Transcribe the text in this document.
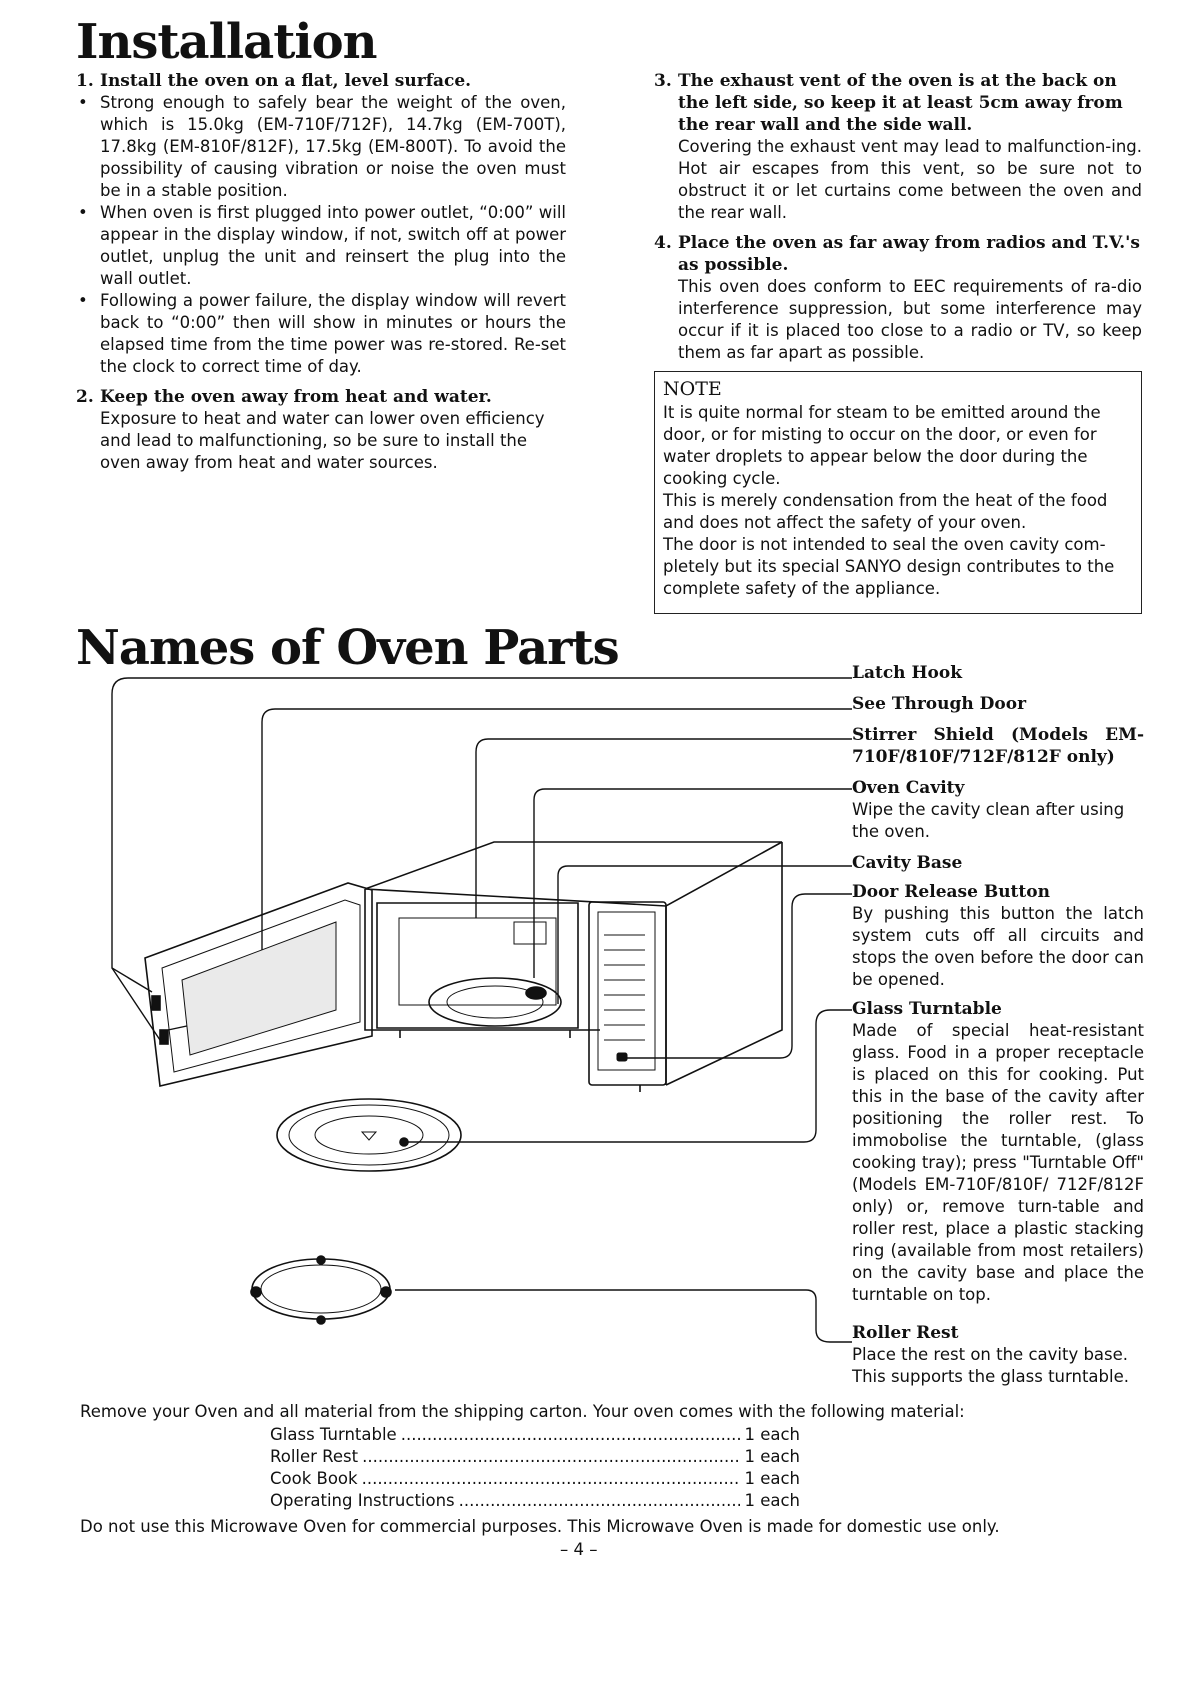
Installation
1. Install the oven on a flat, level surface.
• Strong enough to safely bear the weight of the oven, which is 15.0kg (EM-710F/712F), 14.7kg (EM-700T), 17.8kg (EM-810F/812F), 17.5kg (EM-800T). To avoid the possibility of causing vibration or noise the oven must be in a stable position.
• When oven is first plugged into power outlet, “0:00” will appear in the display window, if not, switch off at power outlet, unplug the unit and reinsert the plug into the wall outlet.
• Following a power failure, the display window will revert back to “0:00” then will show in minutes or hours the elapsed time from the time power was re-stored. Re-set the clock to correct time of day.
2. Keep the oven away from heat and water.
Exposure to heat and water can lower oven efficiency and lead to malfunctioning, so be sure to install the oven away from heat and water sources.
3. The exhaust vent of the oven is at the back on the left side, so keep it at least 5cm away from the rear wall and the side wall.
Covering the exhaust vent may lead to malfunction-ing. Hot air escapes from this vent, so be sure not to obstruct it or let curtains come between the oven and the rear wall.
4. Place the oven as far away from radios and T.V.'s as possible.
This oven does conform to EEC requirements of ra-dio interference suppression, but some interference may occur if it is placed too close to a radio or TV, so keep them as far apart as possible.
NOTE
It is quite normal for steam to be emitted around the door, or for misting to occur on the door, or even for water droplets to appear below the door during the cooking cycle.
This is merely condensation from the heat of the food and does not affect the safety of your oven.
The door is not intended to seal the oven cavity com-pletely but its special SANYO design contributes to the complete safety of the appliance.
Names of Oven Parts	Latch Hook
See Through Door
Stirrer Shield (Models EM-710F/810F/712F/812F only)
Oven Cavity
Wipe the cavity clean after using the oven.
Cavity Base
Door Release Button
By pushing this button the latch system cuts off all circuits and stops the oven before the door can be opened.
Glass Turntable
Made of special heat-resistant glass. Food in a proper receptacle is placed on this for cooking. Put this in the base of the cavity after positioning the roller rest. To immobolise the turntable, (glass cooking tray); press "Turntable Off" (Models EM-710F/810F/ 712F/812F only) or, remove turn-table and roller rest, place a plastic stacking ring (available from most retailers) on the cavity base and place the turntable on top.
Roller Rest
Place the rest on the cavity base. This supports the glass turntable.
Remove your Oven and all material from the shipping carton. Your oven comes with the following material:
Glass Turntable .....	1 each
Roller Rest .....	1 each
Cook Book .....	1 each
Operating Instructions .....	1 each
Do not use this Microwave Oven for commercial purposes. This Microwave Oven is made for domestic use only.
– 4 –
